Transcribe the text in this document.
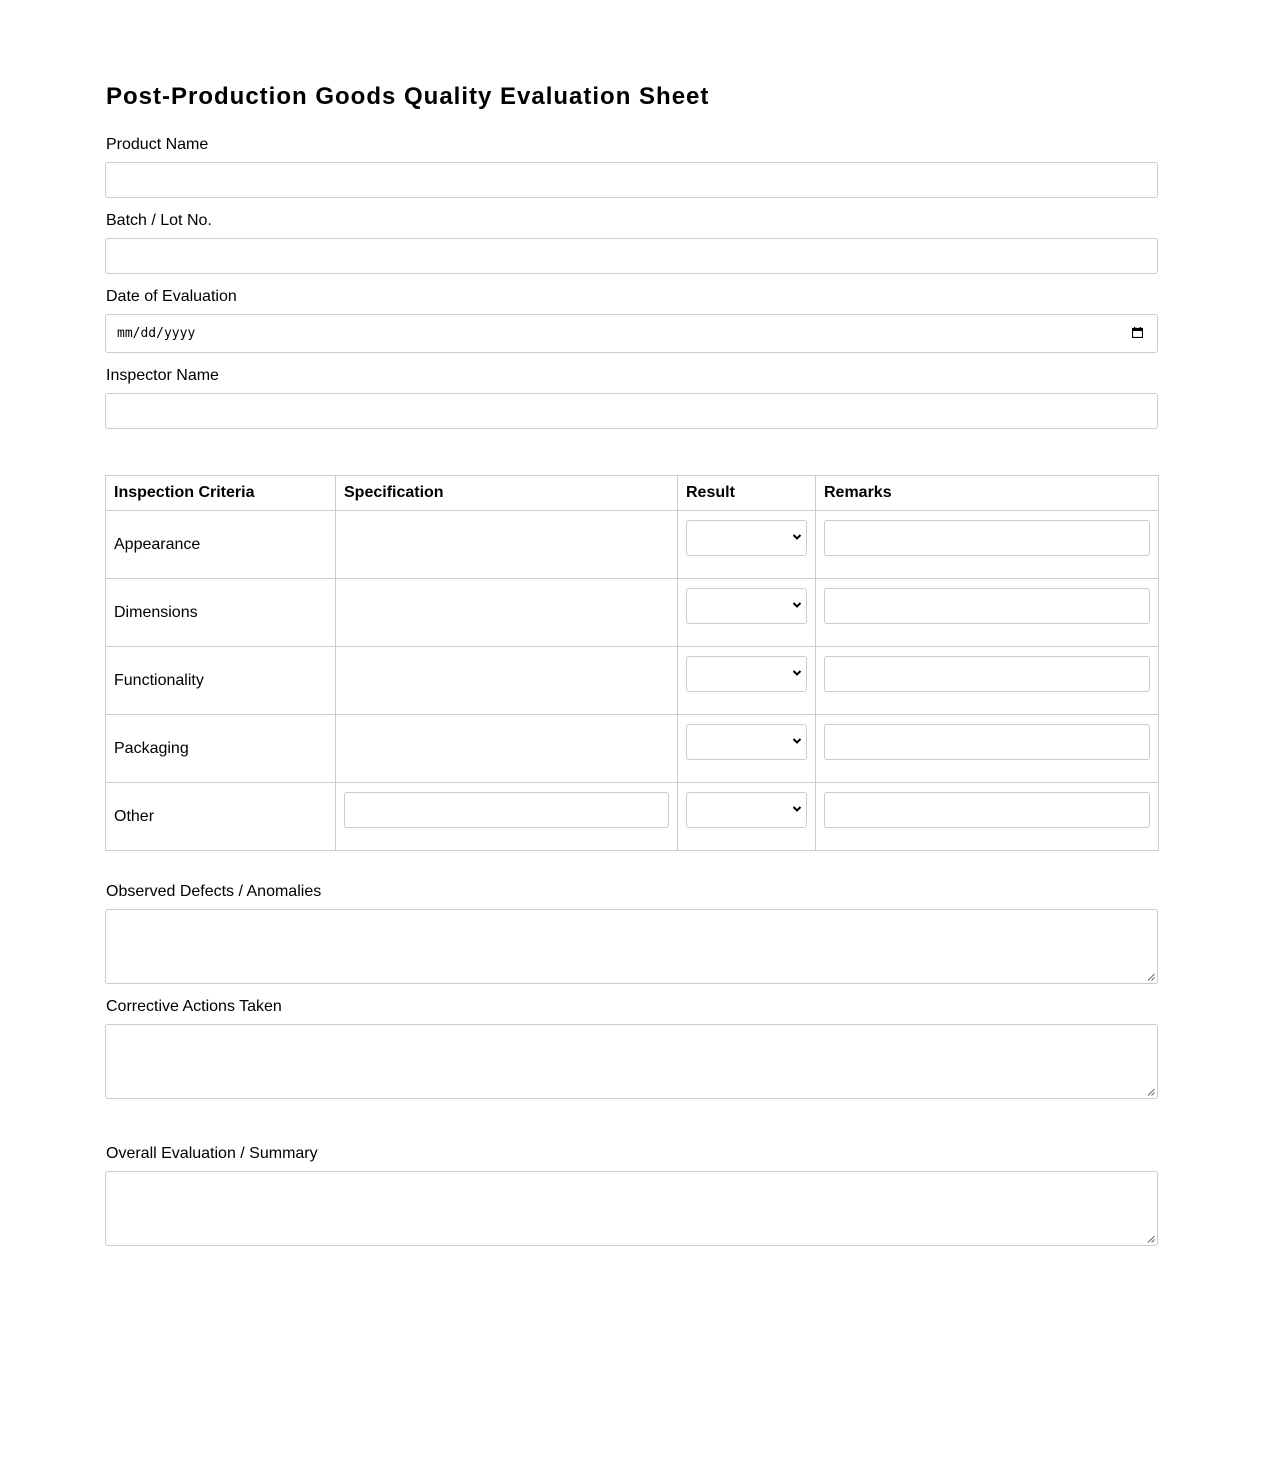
Post-Production Goods Quality Evaluation Sheet
Product Name
Batch / Lot No.
Date of Evaluation
mm/dd/yyyy
Inspector Name
Inspection Criteria	Specification	Result	Remarks
Appearance		

Dimensions		

Functionality		

Packaging		

Other	

Observed Defects / Anomalies
Corrective Actions Taken
Overall Evaluation / Summary
